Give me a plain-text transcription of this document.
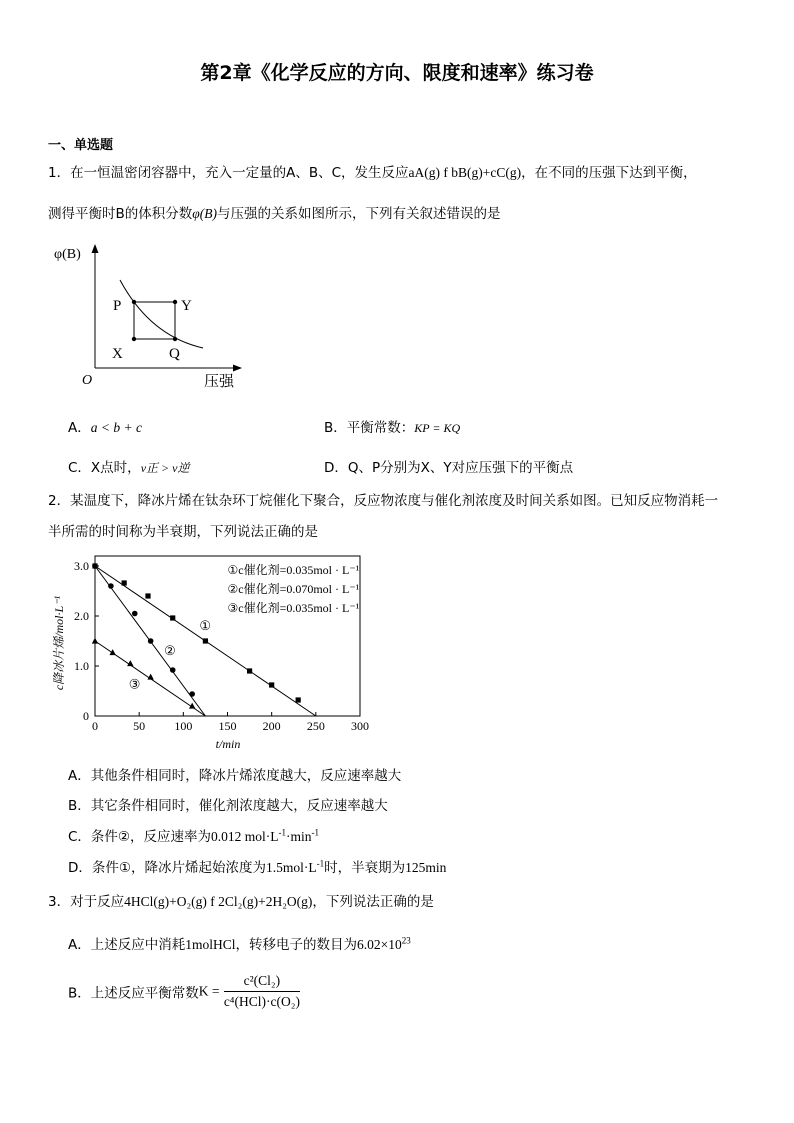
第2章《化学反应的方向、限度和速率》练习卷
一、单选题
1．在一恒温密闭容器中，充入一定量的A、B、C，发生反应aA(g) f bB(g)+cC(g)，在不同的压强下达到平衡，
测得平衡时B的体积分数φ(B)与压强的关系如图所示，下列有关叙述错误的是
φ(B)
O	压强
P	Y
X	Q
A．a < b + c	B．平衡常数：KP = KQ
C．X点时，v正 > v逆	D．Q、P分别为X、Y对应压强下的平衡点
2．某温度下，降冰片烯在钛杂环丁烷催化下聚合，反应物浓度与催化剂浓度及时间关系如图。已知反应物消耗一
半所需的时间称为半衰期，下列说法正确的是
0	50 100 150 200 250 300
0
1.0
2.0
3.0	①c催化剂=0.035mol · L⁻¹
②c催化剂=0.070mol · L⁻¹
③c催化剂=0.035mol · L⁻¹
c降冰片烯/mol·L⁻¹
t/min
①
②
③
A．其他条件相同时，降冰片烯浓度越大，反应速率越大
B．其它条件相同时，催化剂浓度越大，反应速率越大
C．条件②，反应速率为0.012 $mol\cdot L^{-1}\cdot\min^{-1}$
D．条件①，降冰片烯起始浓度为$1.5mol\cdot L^{-1}$时，半衰期为125min
3．对于反应4HCl(g)+O₂(g) f 2Cl₂(g)+2H₂O(g)，下列说法正确的是
A．上述反应中消耗1molHCl，转移电子的数目为$6.02\times 10^{23}$
B．上述反应平衡常数$K = \frac{\text{c²(Cl₂)}}{\text{c⁴(HCl)·c(O₂)}}$
